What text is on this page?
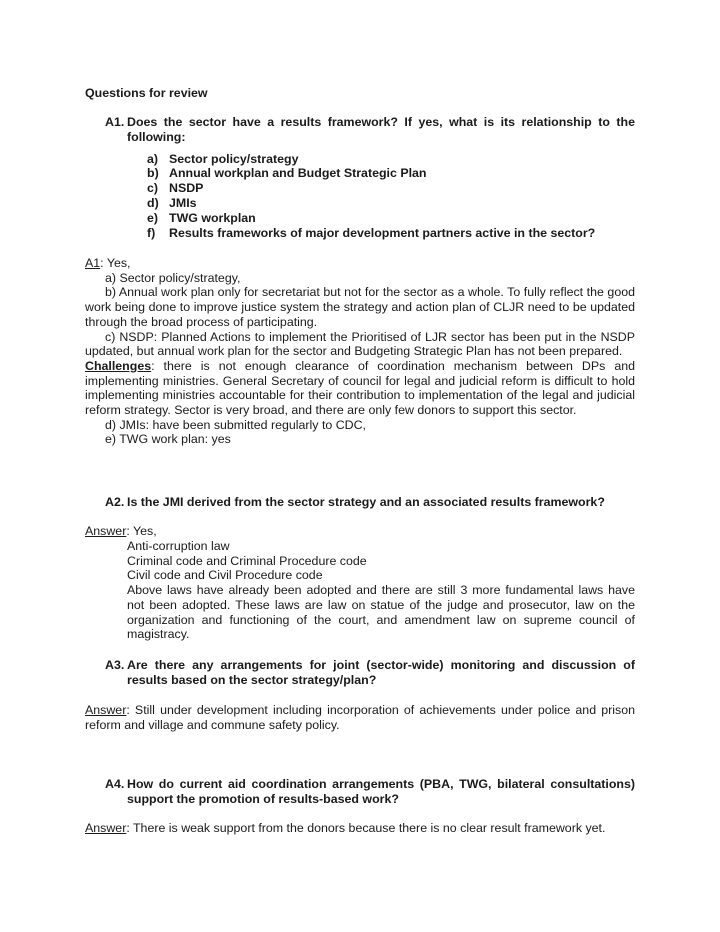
Questions for review
A1. Does the sector have a results framework? If yes, what is its relationship to the following:
a) Sector policy/strategy
b) Annual workplan and Budget Strategic Plan
c) NSDP
d) JMIs
e) TWG workplan
f) Results frameworks of major development partners active in the sector?

A1: Yes,

a) Sector policy/strategy,

b) Annual work plan only for secretariat but not for the sector as a whole. To fully reflect the good work being done to improve justice system the strategy and action plan of CLJR need to be updated through the broad process of participating.

c) NSDP: Planned Actions to implement the Prioritised of LJR sector has been put in the NSDP updated, but annual work plan for the sector and Budgeting Strategic Plan has not been prepared.

Challenges: there is not enough clearance of coordination mechanism between DPs and implementing ministries. General Secretary of council for legal and judicial reform is difficult to hold implementing ministries accountable for their contribution to implementation of the legal and judicial reform strategy. Sector is very broad, and there are only few donors to support this sector.

d) JMIs: have been submitted regularly to CDC,

e) TWG work plan: yes

A2. Is the JMI derived from the sector strategy and an associated results framework?
Answer: Yes,

Anti-corruption law

Criminal code and Criminal Procedure code

Civil code and Civil Procedure code

Above laws have already been adopted and there are still 3 more fundamental laws have not been adopted. These laws are law on statue of the judge and prosecutor, law on the organization and functioning of the court, and amendment law on supreme council of magistracy.

A3. Are there any arrangements for joint (sector-wide) monitoring and discussion of results based on the sector strategy/plan?
Answer: Still under development including incorporation of achievements under police and prison reform and village and commune safety policy.
A4. How do current aid coordination arrangements (PBA, TWG, bilateral consultations) support the promotion of results-based work?
Answer: There is weak support from the donors because there is no clear result framework yet.
